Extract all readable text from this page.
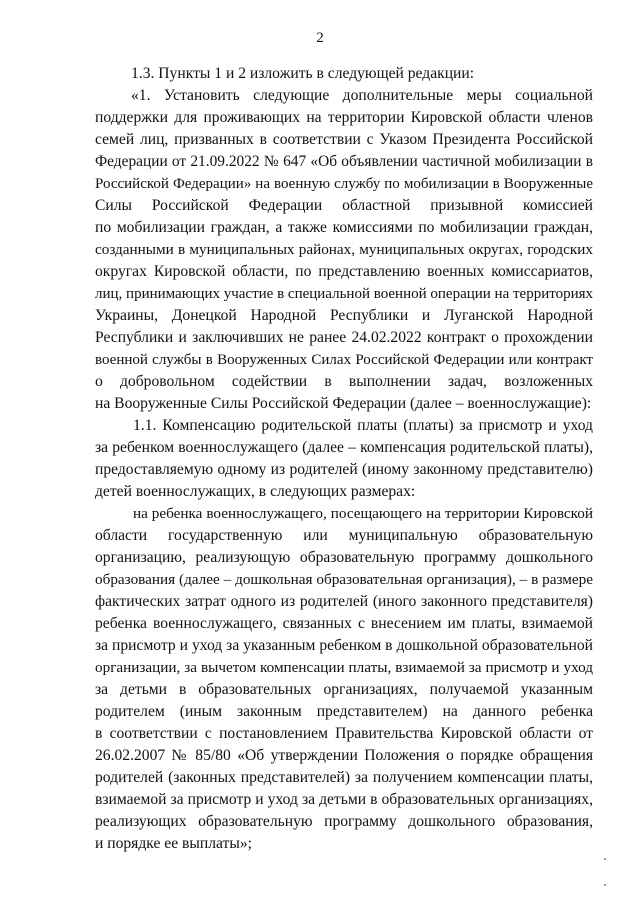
2
1.3. Пункты 1 и 2 изложить в следующей редакции:
«1. Установить следующие дополнительные меры социальной
поддержки для проживающих на территории Кировской области членов
семей лиц, призванных в соответствии с Указом Президента Российской
Федерации от 21.09.2022 № 647 «Об объявлении частичной мобилизации в
Российской Федерации» на военную службу по мобилизации в Вооруженные
Силы Российской Федерации областной призывной комиссией
по мобилизации граждан, а также комиссиями по мобилизации граждан,
созданными в муниципальных районах, муниципальных округах, городских
округах Кировской области, по представлению военных комиссариатов,
лиц, принимающих участие в специальной военной операции на территориях
Украины, Донецкой Народной Республики и Луганской Народной
Республики и заключивших не ранее 24.02.2022 контракт о прохождении
военной службы в Вооруженных Силах Российской Федерации или контракт
о добровольном содействии в выполнении задач, возложенных
на Вооруженные Силы Российской Федерации (далее – военнослужащие):
1.1. Компенсацию родительской платы (платы) за присмотр и уход
за ребенком военнослужащего (далее – компенсация родительской платы),
предоставляемую одному из родителей (иному законному представителю)
детей военнослужащих, в следующих размерах:
на ребенка военнослужащего, посещающего на территории Кировской
области государственную или муниципальную образовательную
организацию, реализующую образовательную программу дошкольного
образования (далее – дошкольная образовательная организация), – в размере
фактических затрат одного из родителей (иного законного представителя)
ребенка военнослужащего, связанных с внесением им платы, взимаемой
за присмотр и уход за указанным ребенком в дошкольной образовательной
организации, за вычетом компенсации платы, взимаемой за присмотр и уход
за детьми в образовательных организациях, получаемой указанным
родителем (иным законным представителем) на данного ребенка
в соответствии с постановлением Правительства Кировской области от
26.02.2007 № 85/80 «Об утверждении Положения о порядке обращения
родителей (законных представителей) за получением компенсации платы,
взимаемой за присмотр и уход за детьми в образовательных организациях,
реализующих образовательную программу дошкольного образования,
и порядке ее выплаты»;
